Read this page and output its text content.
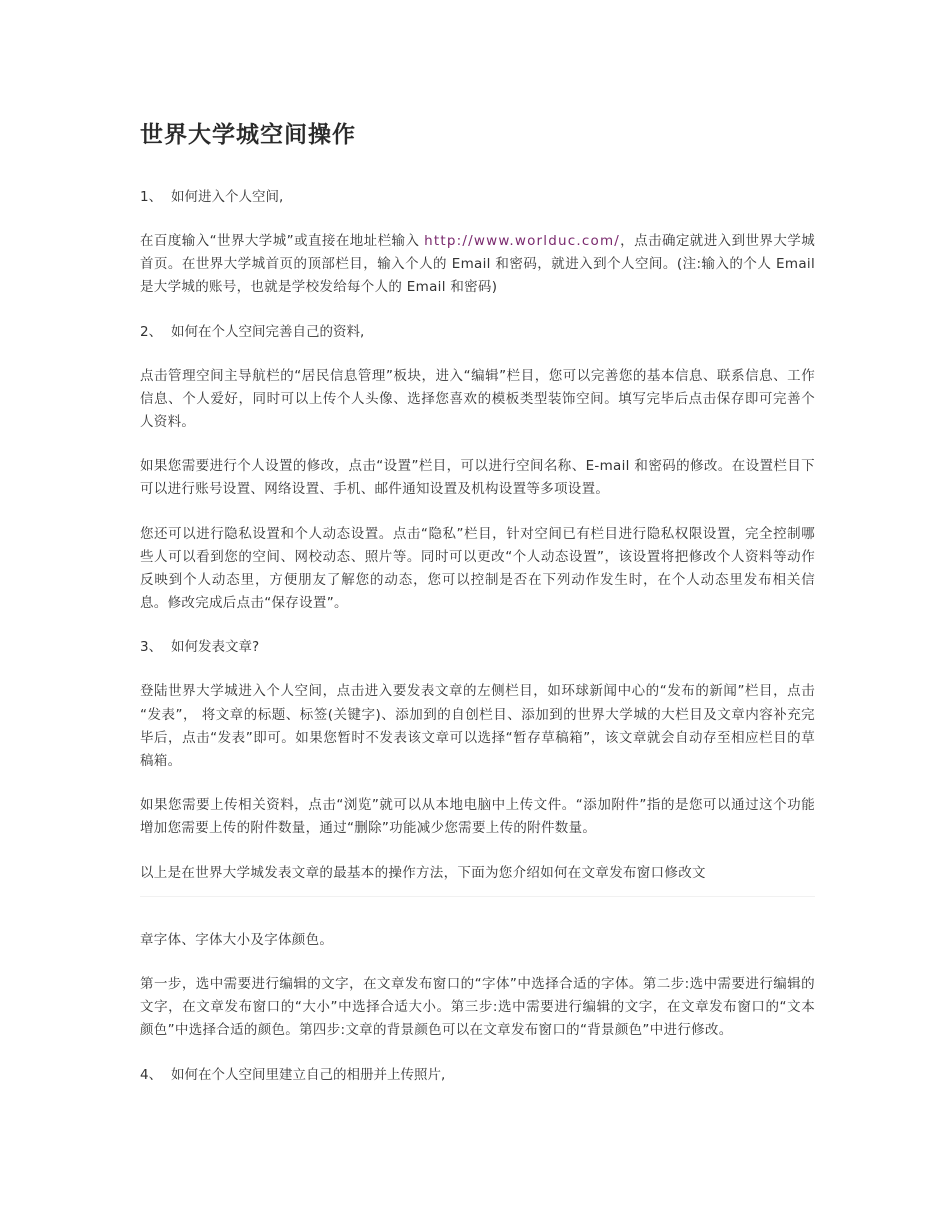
世界大学城空间操作
1、 如何进入个人空间,
在百度输入“世界大学城”或直接在地址栏输入 http://www.worlduc.com/，点击确定就进入到世界大学城首页。在世界大学城首页的顶部栏目，输入个人的 Email 和密码，就进入到个人空间。(注:输入的个人 Email 是大学城的账号，也就是学校发给每个人的 Email 和密码)
2、 如何在个人空间完善自己的资料,
点击管理空间主导航栏的“居民信息管理”板块，进入“编辑”栏目，您可以完善您的基本信息、联系信息、工作信息、个人爱好，同时可以上传个人头像、选择您喜欢的模板类型装饰空间。填写完毕后点击保存即可完善个人资料。
如果您需要进行个人设置的修改，点击“设置”栏目，可以进行空间名称、E-mail 和密码的修改。在设置栏目下可以进行账号设置、网络设置、手机、邮件通知设置及机构设置等多项设置。
您还可以进行隐私设置和个人动态设置。点击“隐私”栏目，针对空间已有栏目进行隐私权限设置，完全控制哪些人可以看到您的空间、网校动态、照片等。同时可以更改“个人动态设置”，该设置将把修改个人资料等动作反映到个人动态里，方便朋友了解您的动态，您可以控制是否在下列动作发生时，在个人动态里发布相关信息。修改完成后点击“保存设置”。
3、 如何发表文章?
登陆世界大学城进入个人空间，点击进入要发表文章的左侧栏目，如环球新闻中心的“发布的新闻”栏目，点击 “发表”， 将文章的标题、标签(关键字)、添加到的自创栏目、添加到的世界大学城的大栏目及文章内容补充完毕后，点击“发表”即可。如果您暂时不发表该文章可以选择“暂存草稿箱”，该文章就会自动存至相应栏目的草稿箱。
如果您需要上传相关资料，点击“浏览”就可以从本地电脑中上传文件。“添加附件”指的是您可以通过这个功能增加您需要上传的附件数量，通过“删除”功能减少您需要上传的附件数量。
以上是在世界大学城发表文章的最基本的操作方法，下面为您介绍如何在文章发布窗口修改文
章字体、字体大小及字体颜色。
第一步，选中需要进行编辑的文字，在文章发布窗口的“字体”中选择合适的字体。第二步:选中需要进行编辑的文字，在文章发布窗口的“大小”中选择合适大小。第三步:选中需要进行编辑的文字，在文章发布窗口的“文本颜色”中选择合适的颜色。第四步:文章的背景颜色可以在文章发布窗口的“背景颜色”中进行修改。
4、 如何在个人空间里建立自己的相册并上传照片,
